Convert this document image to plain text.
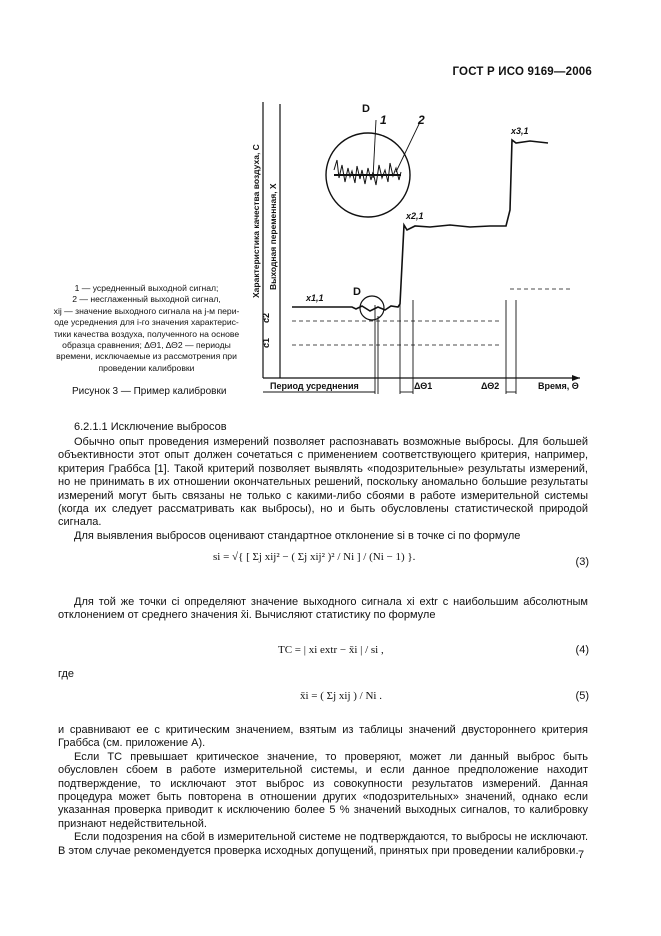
ГОСТ Р ИСО 9169—2006
Характеристика качества воздуха, С Выходная переменная, X
c2
c1
D
D
1	2
x1,1
x2,1
x3,1
Период усреднения	ΔΘ1	ΔΘ2	Время, Θ
1 — усредненный выходной сигнал;
2 — несглаженный выходной сигнал,
xij — значение выходного сигнала на j-м пери-
оде усреднения для i-го значения характерис-
тики качества воздуха, полученного на основе
образца сравнения; ΔΘ1, ΔΘ2 — периоды
времени, исключаемые из рассмотрения при
проведении калибровки
Рисунок 3 — Пример калибровки
6.2.1.1 Исключение выбросов

Обычно опыт проведения измерений позволяет распознавать возможные выбросы. Для большей объективности этот опыт должен сочетаться с применением соответствующего критерия, например, критерия Граббса [1]. Такой критерий позволяет выявлять «подозрительные» результаты измерений, но не принимать в их отношении окончательных решений, поскольку аномально большие результаты измерений могут быть связаны не только с какими-либо сбоями в работе измерительной системы (когда их следует рассматривать как выбросы), но и быть обусловлены статистической природой сигнала.

Для выявления выбросов оценивают стандартное отклонение si в точке ci по формуле

si = √{ [ Σj xij² − ( Σj xij² )² / Ni ] / (Ni − 1) }.	(3)

Для той же точки ci определяют значение выходного сигнала xi extr с наибольшим абсолютным отклонением от среднего значения x̄i. Вычисляют статистику по формуле

ТС = | xi extr − x̄i | / si ,	(4)
где
x̄i = ( Σj xij ) / Ni .	(5)

и сравнивают ее с критическим значением, взятым из таблицы значений двустороннего критерия Граббса (см. приложение А).

Если ТС превышает критическое значение, то проверяют, может ли данный выброс быть обусловлен сбоем в работе измерительной системы, и если данное предположение находит подтверждение, то исключают этот выброс из совокупности результатов измерений. Данная процедура может быть повторена в отношении других «подозрительных» значений, однако если указанная проверка приводит к исключению более 5 % значений выходных сигналов, то калибровку признают недействительной.

Если подозрения на сбой в измерительной системе не подтверждаются, то выбросы не исключают. В этом случае рекомендуется проверка исходных допущений, принятых при проведении калибровки. 7
